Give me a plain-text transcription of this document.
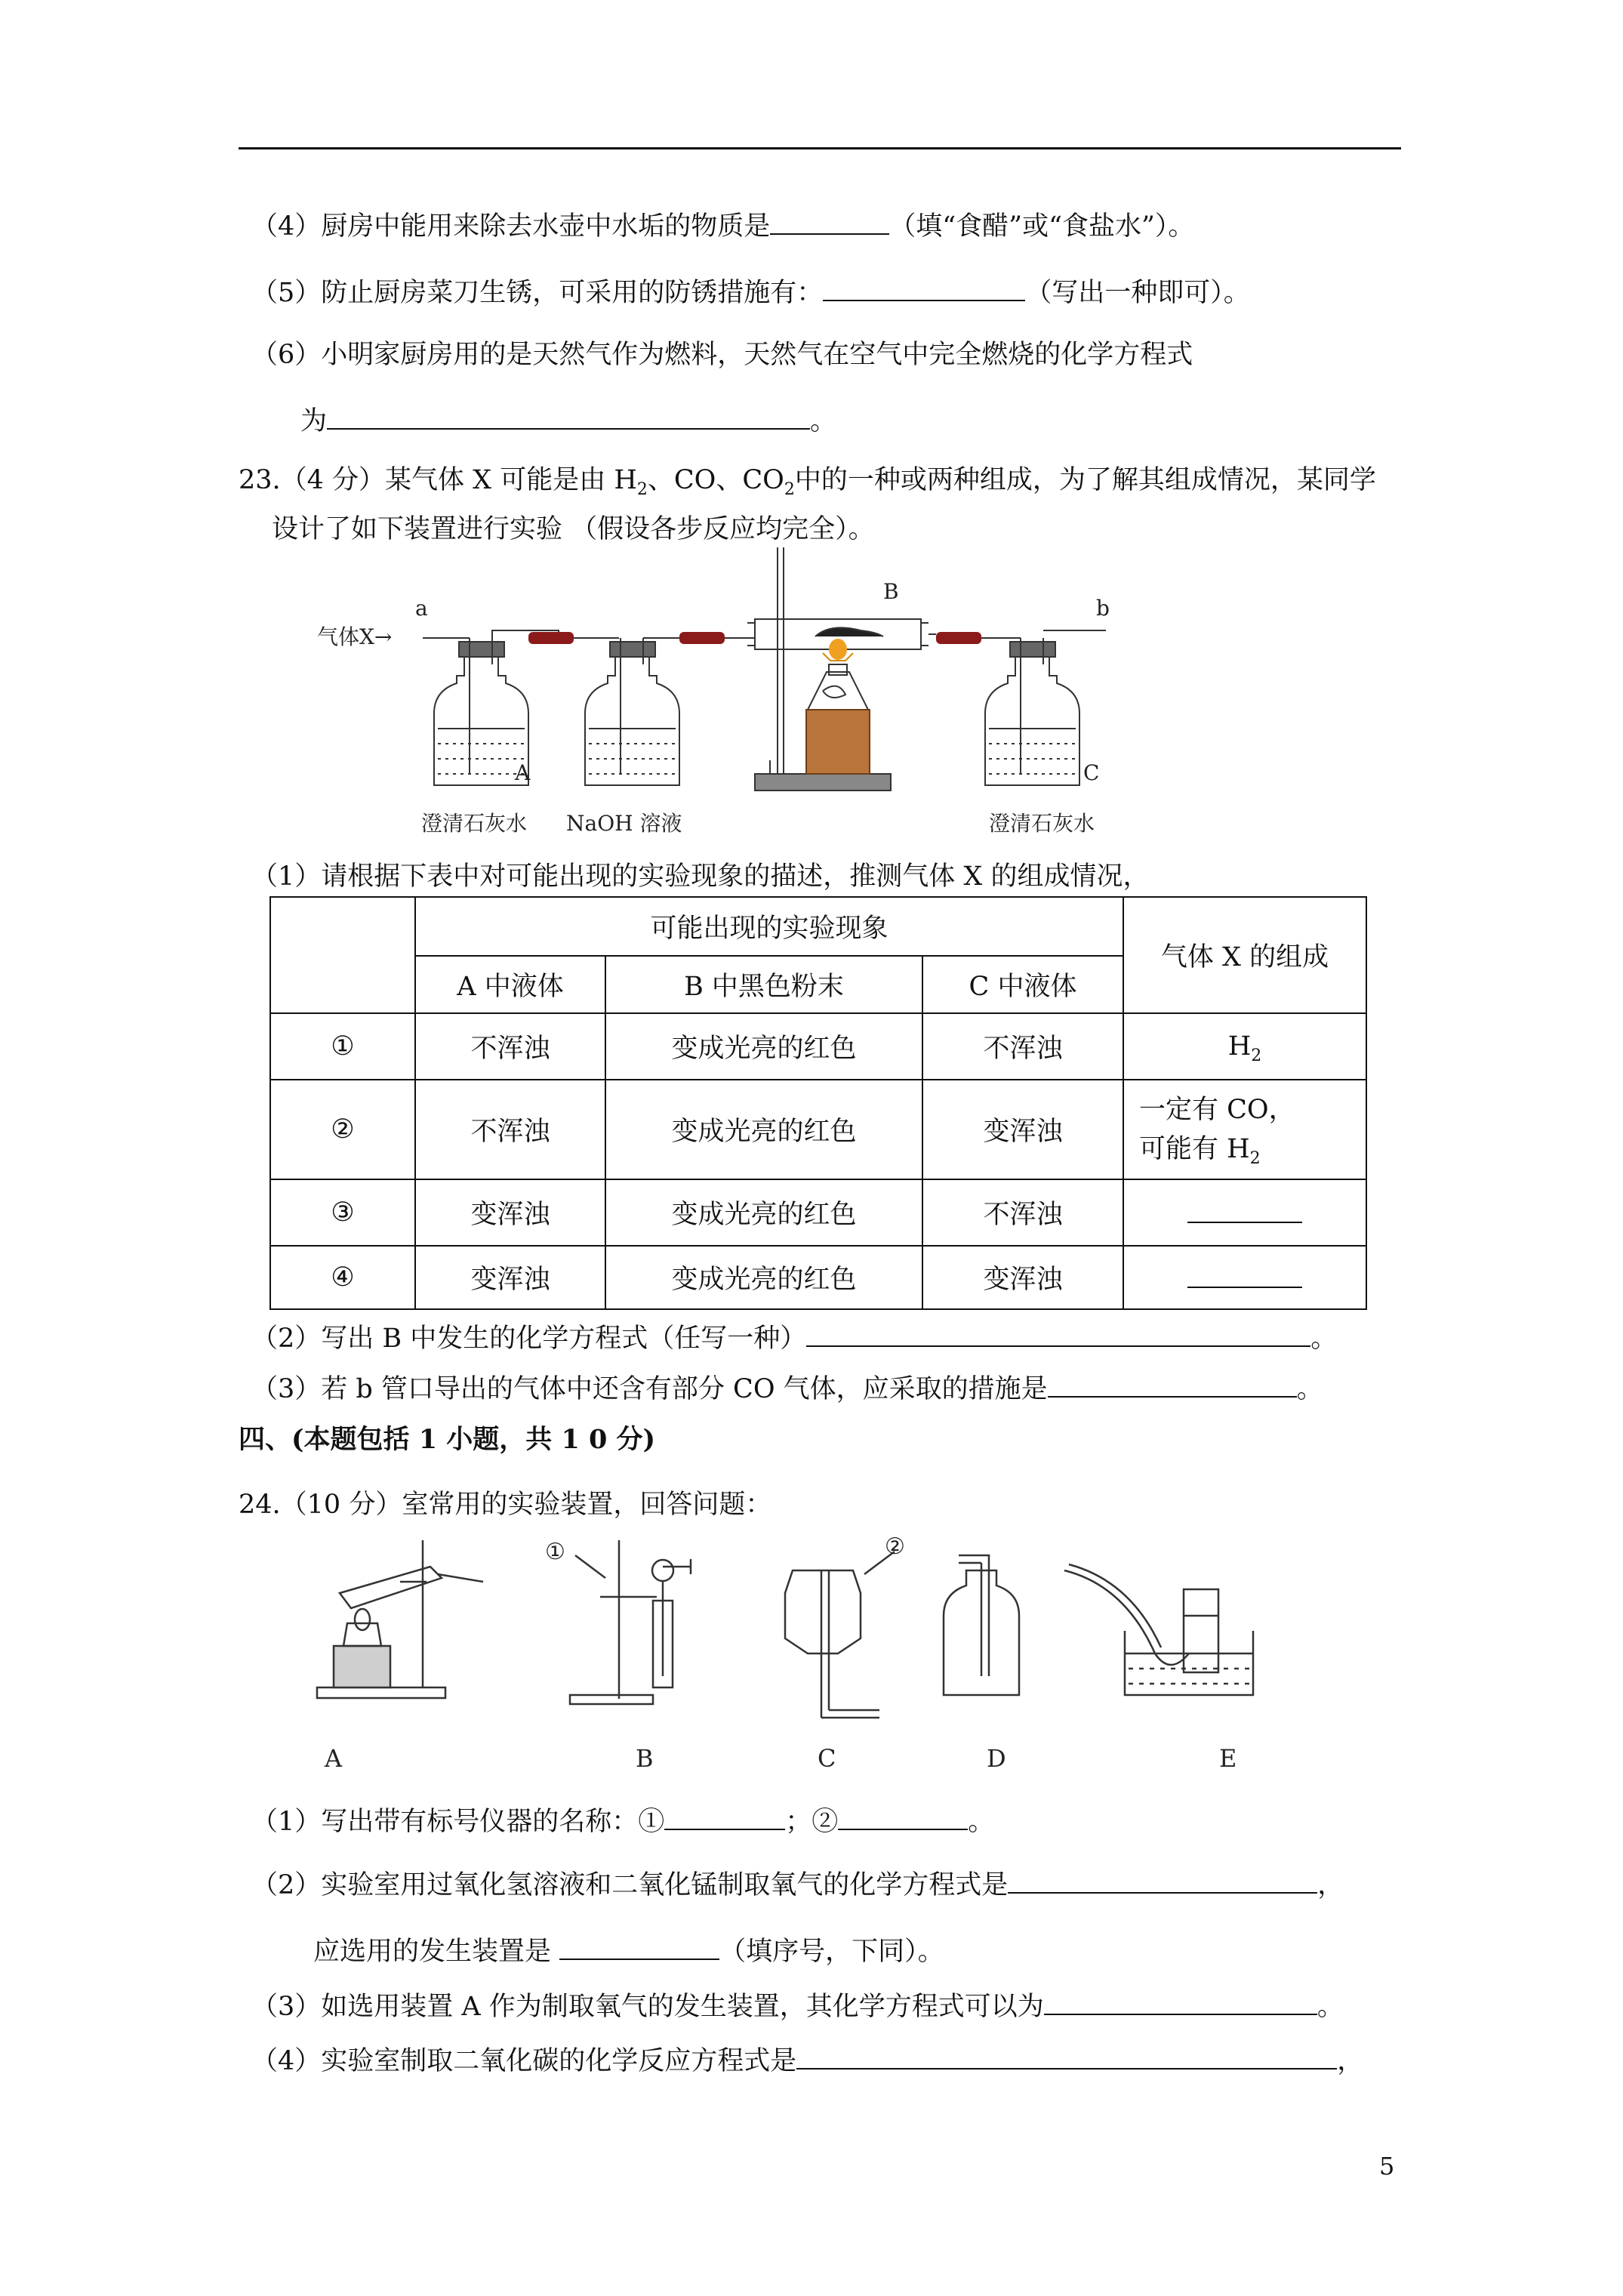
（4）厨房中能用来除去水壶中水垢的物质是	（填“食醋”或“食盐水”）。
（5）防止厨房菜刀生锈，可采用的防锈措施有：	（写出一种即可）。
（6）小明家厨房用的是天然气作为燃料，天然气在空气中完全燃烧的化学方程式
为	。
23.（4 分）某气体 X 可能是由 $H_2$、CO、$CO_2$中的一种或两种组成，为了解其组成情况，某同学
设计了如下装置进行实验 （假设各步反应均完全）。
气体X→
a
B
b
A	C
澄清石灰水 NaOH 溶液	澄清石灰水
（1）请根据下表中对可能出现的实验现象的描述，推测气体 X 的组成情况，
	可能出现的实验现象			气体 X 的组成
	A 中液体	B 中黑色粉末	C 中液体	
①	不浑浊	变成光亮的红色	不浑浊	$H_2$
②	不浑浊	变成光亮的红色	变浑浊	一定有 CO，
可能有 $H_2$
③	变浑浊	变成光亮的红色	不浑浊	
④	变浑浊	变成光亮的红色	变浑浊	
（2）写出 B 中发生的化学方程式（任写一种）	。
（3）若 b 管口导出的气体中还含有部分 CO 气体，应采取的措施是	。
四、(本题包括 1 小题，共 1 0 分)
24.（10 分）室常用的实验装置，回答问题：
A	B	C	D	E
①	②
（1）写出带有标号仪器的名称：①	；②	。
（2）实验室用过氧化氢溶液和二氧化锰制取氧气的化学方程式是	，
应选用的发生装置是	（填序号，下同）。
（3）如选用装置 A 作为制取氧气的发生装置，其化学方程式可以为	。
（4）实验室制取二氧化碳的化学反应方程式是	，
5
